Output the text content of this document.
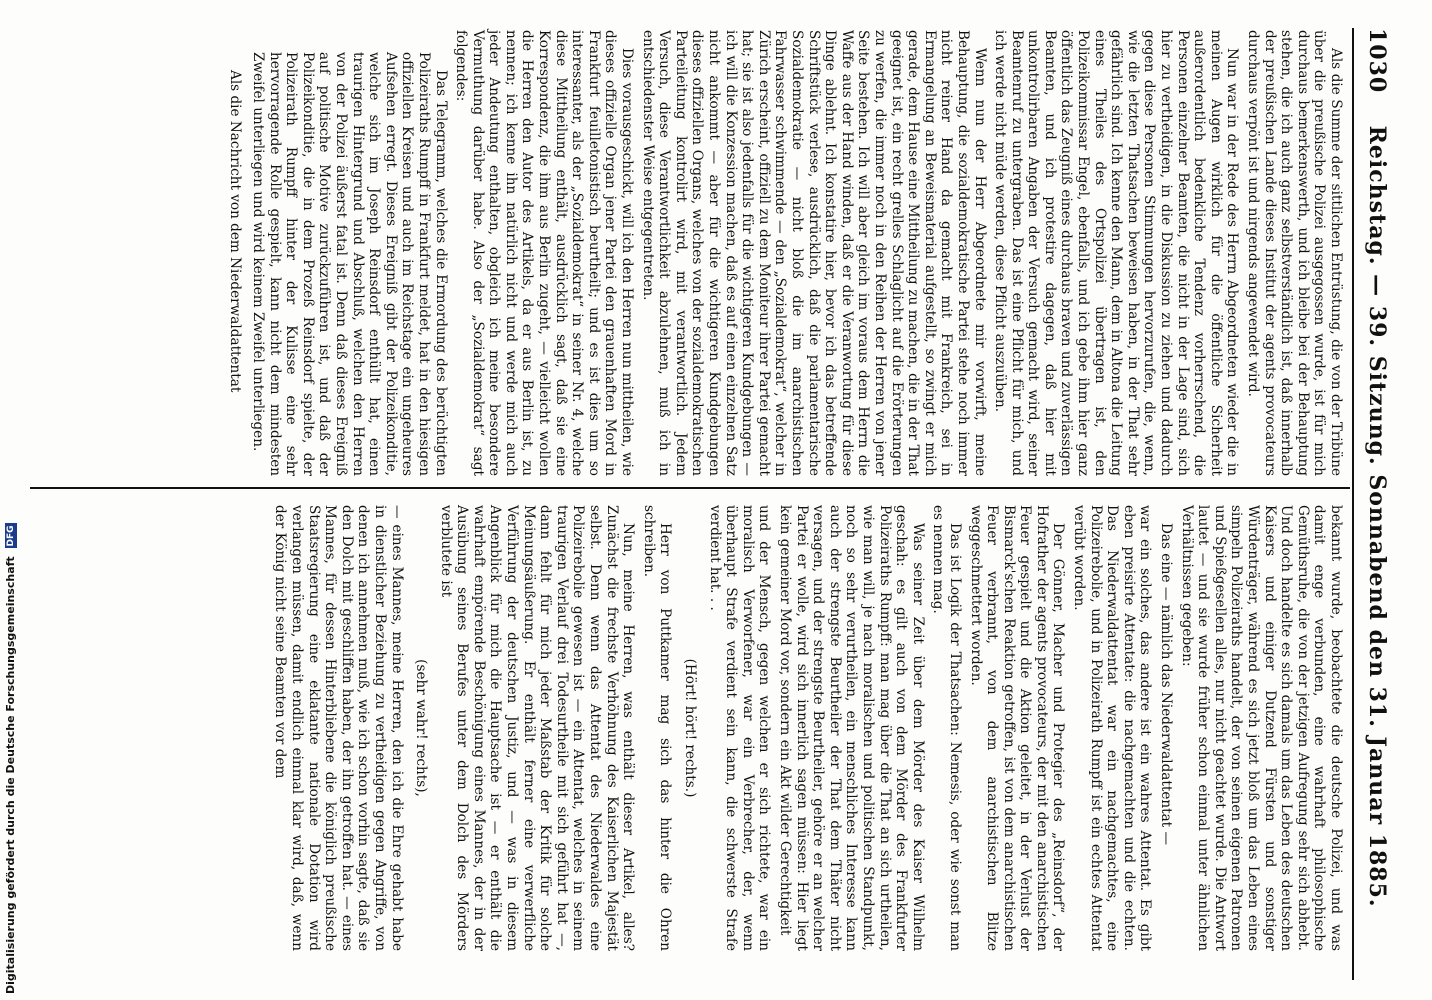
1030
Reichstag. — 39. Sitzung. Sonnabend den 31. Januar 1885.

Als die Summe der sittlichen Entrüstung, die von der Tribüne über die preußische Polizei ausgegossen wurde, ist für mich durchaus bemerkenswerth, und ich bleibe bei der Behauptung stehen, die ich auch ganz selbstverständlich ist, daß innerhalb der preußischen Lande dieses Institut der agents provocateurs durchaus verpönt ist und nirgends angewendet wird.

Nun war in der Rede des Herrn Abgeordneten wieder die in meinen Augen wirklich für die öffentliche Sicherheit außerordentlich bedenkliche Tendenz vorherrschend, die Personen einzelner Beamten, die nicht in der Lage sind, sich hier zu vertheidigen, in die Diskussion zu ziehen und dadurch gegen diese Personen Stimmungen hervorzurufen, die, wenn, wie die letzten Thatsachen beweisen haben, in der That sehr gefährlich sind. Ich kenne den Mann, dem in Altona die Leitung eines Theiles des Ortspolizei übertragen ist, den Polizeikommissar Engel, ebenfalls, und ich gebe ihm hier ganz öffentlich das Zeugniß eines durchaus braven und zuverlässigen Beamten, und ich protestire dagegen, daß hier mit unkontrolirbaren Angaben der Versuch gemacht wird, seiner Beamtenruf zu untergraben. Das ist eine Pflicht für mich, und ich werde nicht müde werden, diese Pflicht auszuüben.

Wenn nun der Herr Abgeordnete mir vorwirft, meine Behauptung, die sozialdemokratische Partei stehe noch immer nicht reiner Hand da gemacht mit Frankreich, sei in Ermangelung an Beweismaterial aufgestellt, so zwingt er mich gerade, dem Hause eine Mittheilung zu machen, die in der That geeignet ist, ein recht grelles Schlaglicht auf die Erörterungen zu werfen, die immer noch in den Reihen der Herren von jener Seite bestehen. Ich will aber gleich im voraus dem Herrn die Waffe aus der Hand winden, daß er die Veranwortung für diese Dinge ablehnt. Ich konstatire hier, bevor ich das betreffende Schriftstück verlese, ausdrücklich, daß die parlamentarische Sozialdemokratie — nicht bloß die im anarchistischen Fahrwasser schwimmende — den „Sozialdemokrat“, welcher in Zürich erscheint, offiziell zu dem Moniteur ihrer Partei gemacht hat; sie ist also jedenfalls für die wichtigeren Kundgebungen — ich will die Konzession machen, daß es auf einen einzelnen Satz nicht ankommt — aber für die wichtigeren Kundgebungen dieses offiziellen Organs, welches von der sozialdemokratischen Parteileitung kontrolirt wird, mit verantwortlich. Jedem Versuch, diese Verantwortlichkeit abzulehnen, muß ich in entschiedenster Weise entgegentreten.

Dies vorausgeschickt, will ich den Herren nun mittheilen, wie dieses offizielle Organ jener Partei den grauenhaften Mord in Frankfurt feuilletonistisch beurtheilt; und es ist dies um so interessanter, als der „Sozialdemokrat“ in seiner Nr. 4, welche diese Mittheilung enthält, ausdrücklich sagt, daß sie eine Korrespondenz, die ihm aus Berlin zugeht, — vielleicht wollen die Herren den Autor des Artikels, da er aus Berlin ist, zu nennen; ich kenne ihn natürlich nicht und werde mich auch jeder Andeutung enthalten, obgleich ich meine besondere Vermuthung darüber habe. Also der „Sozialdemokrat“ sagt folgendes:

Das Telegramm, welches die Ermordung des berüchtigten Polizeiraths Rumpff in Frankfurt meldet, hat in den hiesigen offiziellen Kreisen und auch im Reichstage ein ungeheures Aufsehen erregt. Dieses Ereigniß gibt der Polizeikonditie, welche sich im Joseph Reinsdorf enthüllt hat, einen traurigen Hintergrund und Abschluß, welchen den Herren von der Polizei äußerst fatal ist. Denn daß dieses Ereigniß auf politische Motive zurückzuführen ist, und daß der Polizeikonditie, die in dem Prozeß Reinsdorf spielte, der Polizeirath Rumpff hinter der Kulisse eine sehr hervorragende Rolle gespielt, kann nicht dem mindesten Zweifel unterliegen und wird keinem Zweifel unterliegen.

Als die Nachricht von dem Niederwaldattentat

bekannt wurde, beobachtete die deutsche Polizei, und was damit enge verbunden, eine wahrhaft philosophische Gemüthsruhe, die von der jetzigen Aufregung sehr sich abhebt. Und doch handelte es sich damals um das Leben des deutschen Kaisers und einiger Dutzend Fürsten und sonstiger Würdenträger, während es sich jetzt bloß um das Leben eines simpeln Polizeiraths handelt, der von seinen eigenen Patronen und Spießgesellen alles, nur nicht geachtet wurde. Die Antwort lautet — und sie wurde früher schon einmal unter ähnlichen Verhältnissen gegeben:

Das eine — nämlich das Niederwaldattentat —

war ein solches, das andere ist ein wahres Attentat. Es gibt eben preisirte Attentate: die nachgemachten und die echten. Das Niederwaldattentat war ein nachgemachtes, eine Polizeirebolie, und in Polizeirath Rumpff ist ein echtes Attentat verübt worden.

Der Gönner, Macher und Protegier des „Reinsdorf“, der Hofrather der agents provocateurs, der mit den anarchistischen Feuer gespielt und die Aktion geleitet, in der Verlust der Bismarck'schen Reaktion getroffen, ist von dem anarchistischen Feuer verbrannt, von dem anarchistischen Blitze weggeschmettert worden.

Das ist Logik der Thatsachen: Nemesis, oder wie sonst man es nennen mag.

Was seiner Zeit über dem Mörder des Kaiser Wilhelm geschah: es gilt auch von dem Mörder des Frankfurter Polizeiraths Rumpff: man mag über die That an sich urtheilen, wie man will, je nach moralischen und politischen Standpunkt, noch so sehr verurtheilen, ein menschliches Interesse kann auch der strengste Beurtheiler der That dem Thäter nicht versagen, und der strengste Beurtheiler, gehöre er an welcher Partei er wolle, wird sich innerlich sagen müssen: Hier liegt kein gemeiner Mord vor, sondern ein Akt wilder Gerechtigkeit

und der Mensch, gegen welchen er sich richtete, war ein moralisch Verworfener, war ein Verbrecher, der, wenn überhaupt Strafe verdient sein kann, die schwerste Strafe verdient hat. . .

(Hört! hört! rechts.)

Herr von Puttkamer mag sich das hinter die Ohren schreiben.

Nun, meine Herren, was enthält dieser Artikel, alles? Zunächst die frechste Verhöhnung des Kaiserlichen Majestät selbst. Denn wenn das Attentat des Niederwaldes eine Polizeirebolie gewesen ist — ein Attentat, welches in seinem traurigen Verlauf drei Todesurtheile mit sich geführt hat —, dann fehlt für mich jeder Maßstab der Kritik für solche Meinungsäußerung. Er enthält ferner eine verwerfliche Verführung der deutschen Justiz, und — was in diesem Angenblick für mich die Hauptsache ist — er enthält die wahrhaft empörende Beschönigung eines Mannes, der in der Ausübung seines Berufes unter dem Dolch des Mörders verblutete ist

(sehr wahr! rechts),

— eines Mannes, meine Herren, den ich die Ehre gehabt habe in dienstlicher Beziehung zu vertheidigen gegen Angriffe, von denen ich annehmen muß, wie ich schon vorhin sagte, daß sie den Dolch mit geschliffen haben, der ihn getroffen hat. — eines Mannes, für dessen Hinterbliebene die königlich preußische Staatsregierung eine eklatante nationale Dotation wird verlangen müssen, damit endlich einmal klar wird, daß, wenn der König nicht seine Beamten vor dem

Digitalisierung gefördert durch die Deutsche Forschungsgemeinschaft DFG
